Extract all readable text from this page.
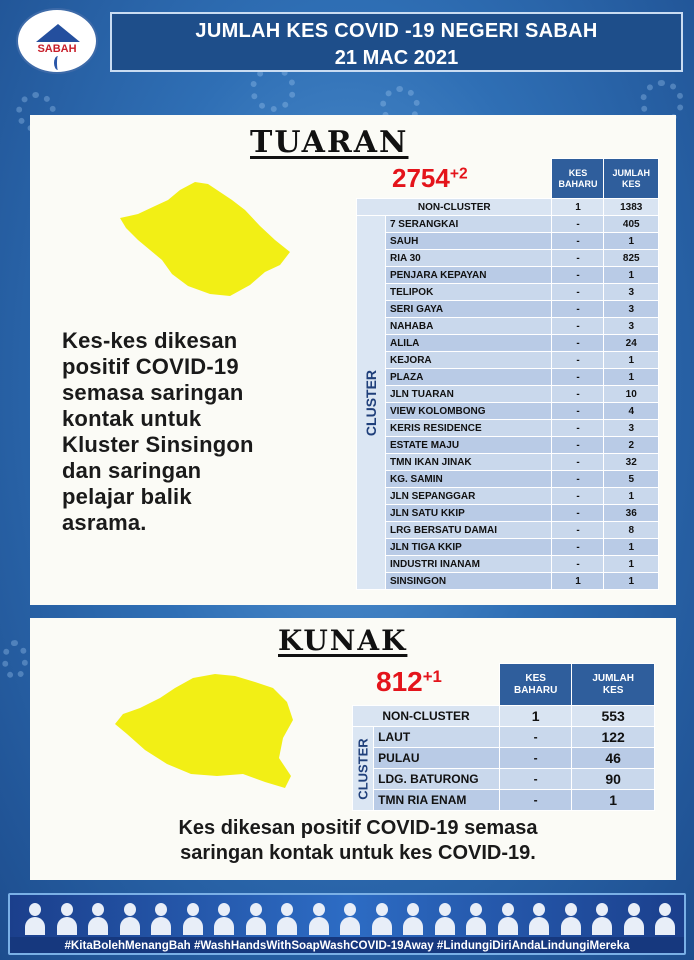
SABAH
JUMLAH KES COVID -19 NEGERI SABAH
21 MAC 2021
TUARAN
$2754^{+2}$
Kes-kes dikesan
positif COVID-19
semasa saringan
kontak untuk
Kluster Sinsingon
dan saringan
pelajar balik
asrama.
		KES BAHARU	JUMLAH KES
NON-CLUSTER		1	1383

CLUSTER	7 SERANGKAI	-	405
	SAUH	-	1
	RIA 30	-	825
	PENJARA KEPAYAN	-	1
	TELIPOK	-	3
	SERI GAYA	-	3
	NAHABA	-	3
	ALILA	-	24
	KEJORA	-	1
	PLAZA	-	1
	JLN TUARAN	-	10
	VIEW KOLOMBONG	-	4
	KERIS RESIDENCE	-	3
	ESTATE MAJU	-	2
	TMN IKAN JINAK	-	32
	KG. SAMIN	-	5
	JLN SEPANGGAR	-	1
	JLN SATU KKIP	-	36
	LRG BERSATU DAMAI	-	8
	JLN TIGA KKIP	-	1
	INDUSTRI INANAM	-	1
	SINSINGON	1	1
KUNAK
$812^{+1}$
			KES BAHARU	JUMLAH KES
NON-CLUSTER		1	553

CLUSTER	LAUT	-	122
	PULAU	-	46
	LDG. BATURONG	-	90
	TMN RIA ENAM	-	1
Kes dikesan positif COVID-19 semasa
saringan kontak untuk kes COVID-19.
#KitaBolehMenangBah #WashHandsWithSoapWashCOVID-19Away #LindungiDiriAndaLindungiMereka
